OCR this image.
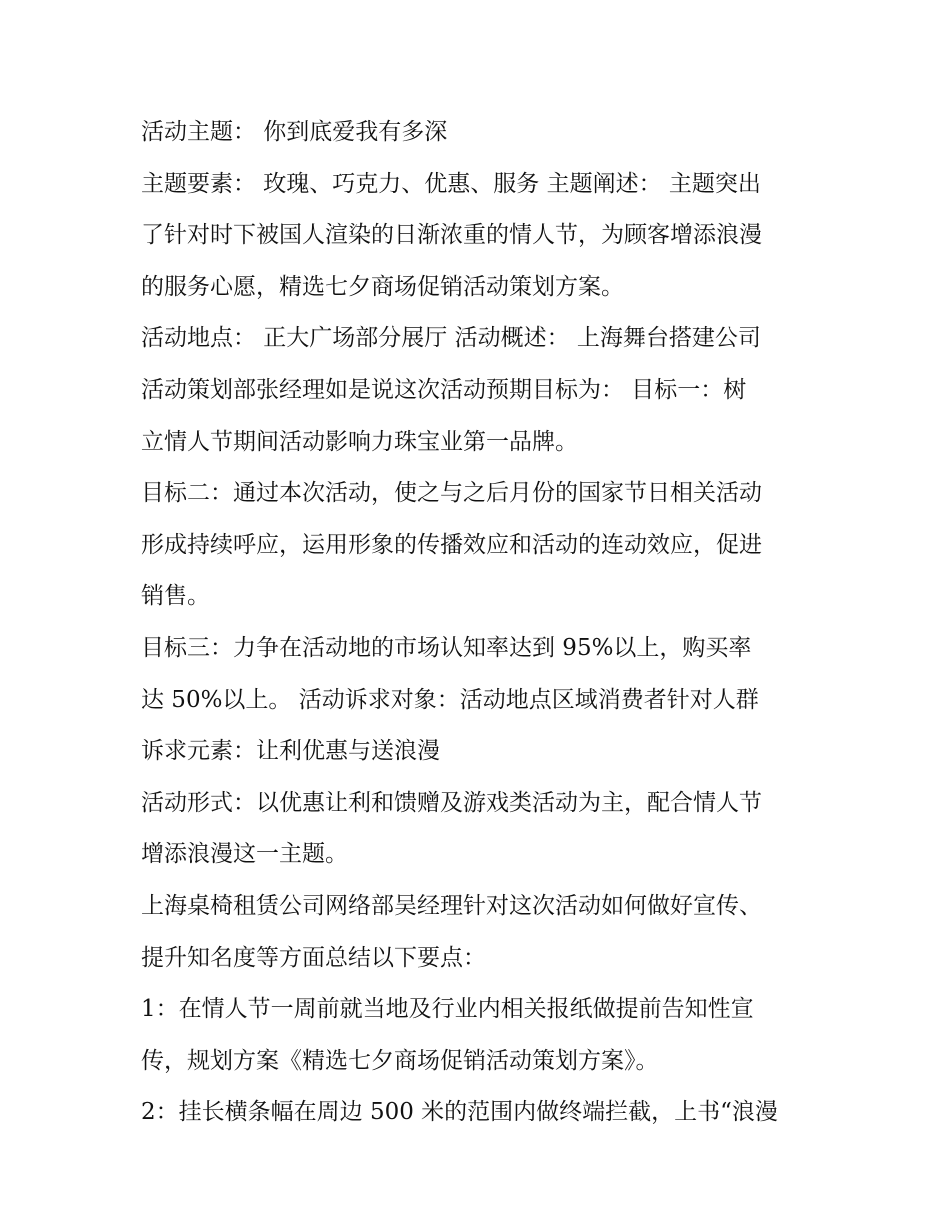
活动主题： 你到底爱我有多深
主题要素： 玫瑰、巧克力、优惠、服务 主题阐述： 主题突出
了针对时下被国人渲染的日渐浓重的情人节，为顾客增添浪漫
的服务心愿，精选七夕商场促销活动策划方案。
活动地点： 正大广场部分展厅 活动概述： 上海舞台搭建公司
活动策划部张经理如是说这次活动预期目标为： 目标一：树
立情人节期间活动影响力珠宝业第一品牌。
目标二：通过本次活动，使之与之后月份的国家节日相关活动
形成持续呼应，运用形象的传播效应和活动的连动效应，促进
销售。
目标三：力争在活动地的市场认知率达到 95%以上，购买率
达 50%以上。 活动诉求对象：活动地点区域消费者针对人群
诉求元素：让利优惠与送浪漫
活动形式：以优惠让利和馈赠及游戏类活动为主，配合情人节
增添浪漫这一主题。
上海桌椅租赁公司网络部吴经理针对这次活动如何做好宣传、
提升知名度等方面总结以下要点：
1：在情人节一周前就当地及行业内相关报纸做提前告知性宣
传，规划方案《精选七夕商场促销活动策划方案》。
2：挂长横条幅在周边 500 米的范围内做终端拦截，上书“浪漫
